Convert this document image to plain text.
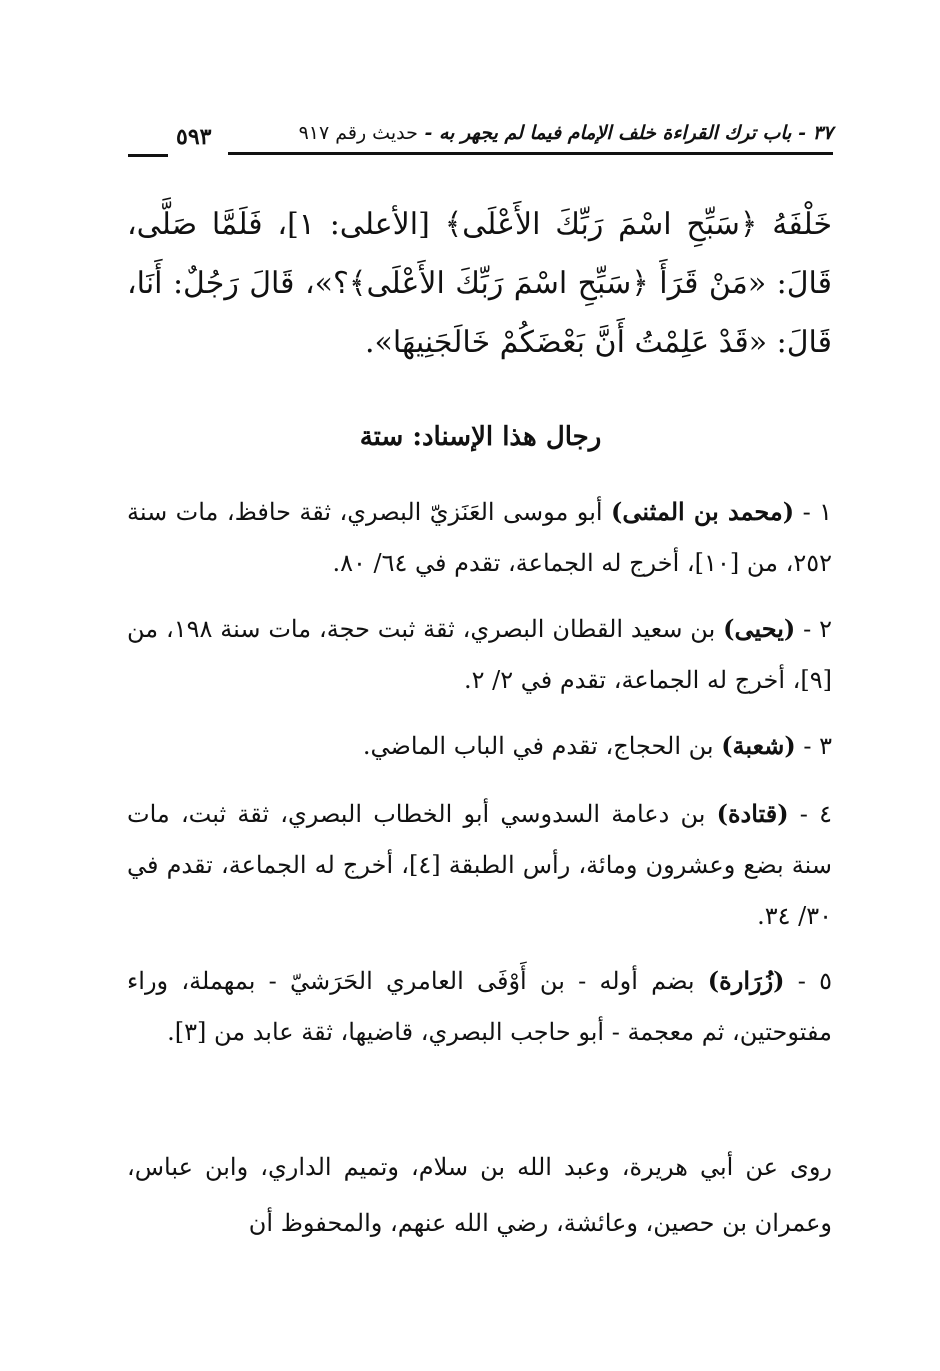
٣٧ - باب ترك القراءة خلف الإمام فيما لم يجهر به - حديث رقم ٩١٧
٥٩٣
خَلْفَهُ ﴿سَبِّحِ اسْمَ رَبِّكَ الأَعْلَى﴾ [الأعلى: ١]، فَلَمَّا صَلَّى، قَالَ: «مَنْ قَرَأَ ﴿سَبِّحِ اسْمَ رَبِّكَ الأَعْلَى﴾؟»، قَالَ رَجُلٌ: أَنَا، قَالَ: «قَدْ عَلِمْتُ أَنَّ بَعْضَكُمْ خَالَجَنِيهَا».
رجال هذا الإسناد: ستة
١ - (محمد بن المثنى) أبو موسى العَنَزيّ البصري، ثقة حافظ، مات سنة ٢٥٢، من [١٠]، أخرج له الجماعة، تقدم في ٦٤/ ٨٠.
٢ - (يحيى) بن سعيد القطان البصري، ثقة ثبت حجة، مات سنة ١٩٨، من [٩]، أخرج له الجماعة، تقدم في ٢/ ٢.
٣ - (شعبة) بن الحجاج، تقدم في الباب الماضي.
٤ - (قتادة) بن دعامة السدوسي أبو الخطاب البصري، ثقة ثبت، مات سنة بضع وعشرون ومائة، رأس الطبقة [٤]، أخرج له الجماعة، تقدم في ٣٠/ ٣٤.
٥ - (زُرَارة) بضم أوله - بن أَوْفَى العامري الحَرَشيّ - بمهملة، وراء مفتوحتين، ثم معجمة - أبو حاجب البصري، قاضيها، ثقة عابد من [٣].
روى عن أبي هريرة، وعبد الله بن سلام، وتميم الداري، وابن عباس، وعمران بن حصين، وعائشة، رضي الله عنهم، والمحفوظ أن
